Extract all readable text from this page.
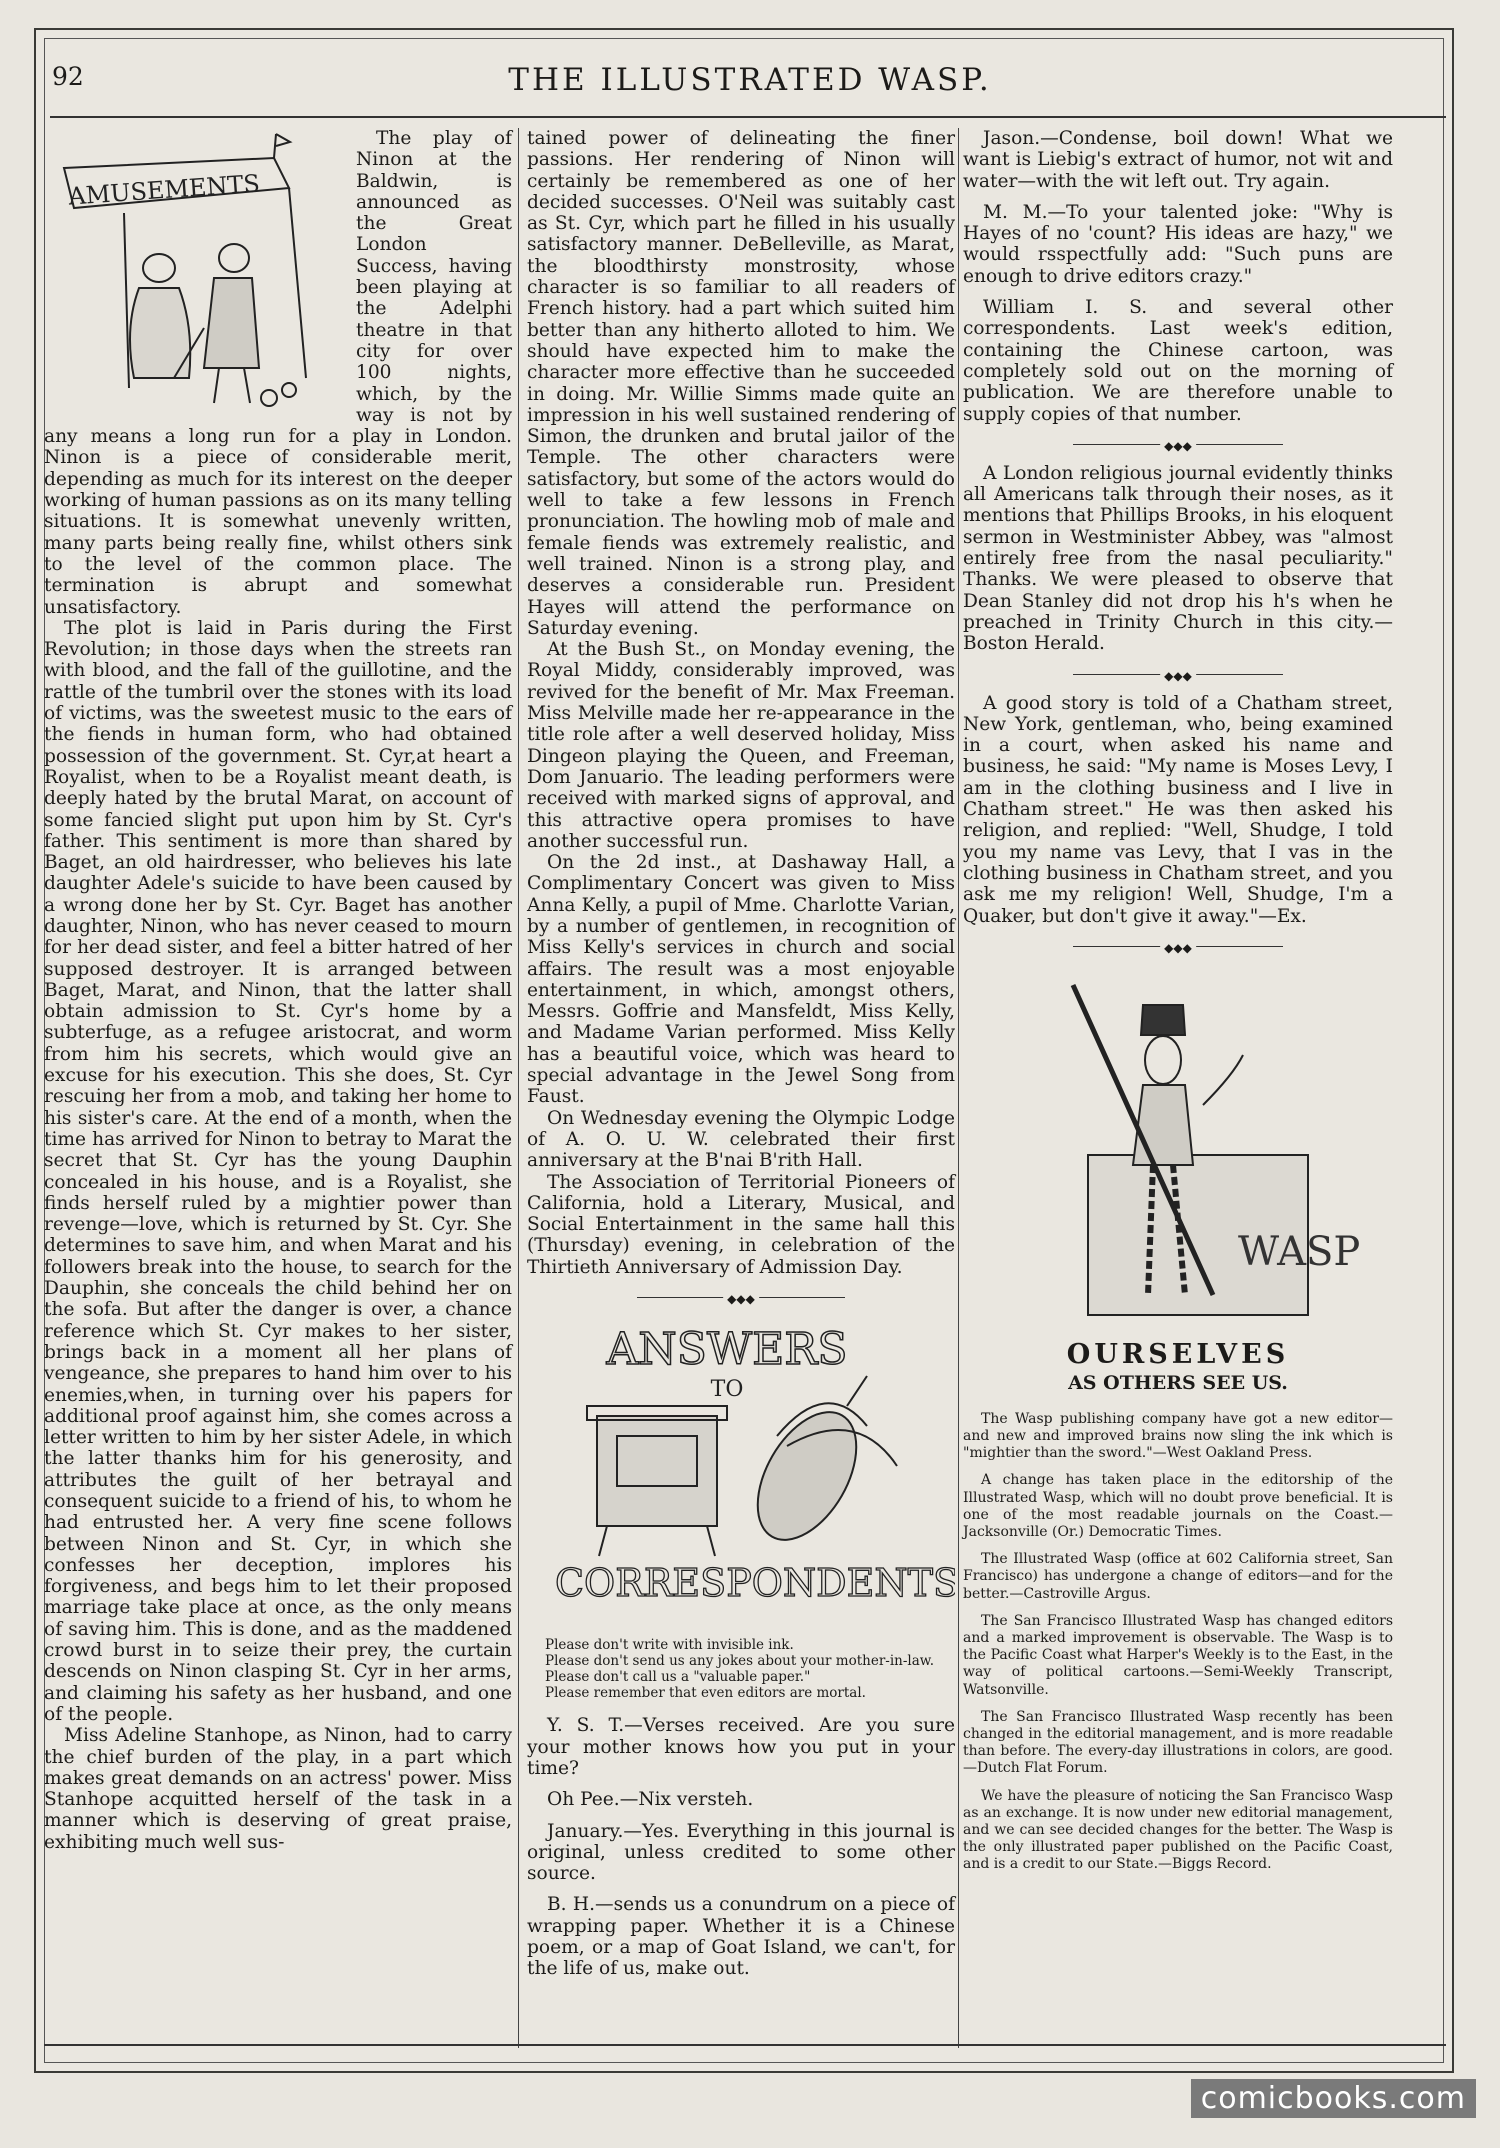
92	THE ILLUSTRATED WASP.
AMUSEMENTS

The play of Ninon at the Baldwin, is announced as the Great London Success, having been playing at the Adelphi theatre in that city for over 100 nights, which, by the way is not by any means a long run for a play in London. Ninon is a piece of considerable merit, depending as much for its interest on the deeper working of human passions as on its many telling situations. It is somewhat unevenly written, many parts being really fine, whilst others sink to the level of the common place. The termination is abrupt and somewhat unsatisfactory.

The plot is laid in Paris during the First Revolution; in those days when the streets ran with blood, and the fall of the guillotine, and the rattle of the tumbril over the stones with its load of victims, was the sweetest music to the ears of the fiends in human form, who had obtained possession of the government. St. Cyr,at heart a Royalist, when to be a Royalist meant death, is deeply hated by the brutal Marat, on account of some fancied slight put upon him by St. Cyr's father. This sentiment is more than shared by Baget, an old hairdresser, who believes his late daughter Adele's suicide to have been caused by a wrong done her by St. Cyr. Baget has another daughter, Ninon, who has never ceased to mourn for her dead sister, and feel a bitter hatred of her supposed destroyer. It is arranged between Baget, Marat, and Ninon, that the latter shall obtain admission to St. Cyr's home by a subterfuge, as a refugee aristocrat, and worm from him his secrets, which would give an excuse for his execution. This she does, St. Cyr rescuing her from a mob, and taking her home to his sister's care. At the end of a month, when the time has arrived for Ninon to betray to Marat the secret that St. Cyr has the young Dauphin concealed in his house, and is a Royalist, she finds herself ruled by a mightier power than revenge—love, which is returned by St. Cyr. She determines to save him, and when Marat and his followers break into the house, to search for the Dauphin, she conceals the child behind her on the sofa. But after the danger is over, a chance reference which St. Cyr makes to her sister, brings back in a moment all her plans of vengeance, she prepares to hand him over to his enemies,when, in turning over his papers for additional proof against him, she comes across a letter written to him by her sister Adele, in which the latter thanks him for his generosity, and attributes the guilt of her betrayal and consequent suicide to a friend of his, to whom he had entrusted her. A very fine scene follows between Ninon and St. Cyr, in which she confesses her deception, implores his forgiveness, and begs him to let their proposed marriage take place at once, as the only means of saving him. This is done, and as the maddened crowd burst in to seize their prey, the curtain descends on Ninon clasping St. Cyr in her arms, and claiming his safety as her husband, and one of the people.

Miss Adeline Stanhope, as Ninon, had to carry the chief burden of the play, in a part which makes great demands on an actress' power. Miss Stanhope acquitted herself of the task in a manner which is deserving of great praise, exhibiting much well sus-

tained power of delineating the finer passions. Her rendering of Ninon will certainly be remembered as one of her decided successes. O'Neil was suitably cast as St. Cyr, which part he filled in his usually satisfactory manner. DeBelleville, as Marat, the bloodthirsty monstrosity, whose character is so familiar to all readers of French history. had a part which suited him better than any hitherto alloted to him. We should have expected him to make the character more effective than he succeeded in doing. Mr. Willie Simms made quite an impression in his well sustained rendering of Simon, the drunken and brutal jailor of the Temple. The other characters were satisfactory, but some of the actors would do well to take a few lessons in French pronunciation. The howling mob of male and female fiends was extremely realistic, and well trained. Ninon is a strong play, and deserves a considerable run. President Hayes will attend the performance on Saturday evening.

At the Bush St., on Monday evening, the Royal Middy, considerably improved, was revived for the benefit of Mr. Max Freeman. Miss Melville made her re-appearance in the title role after a well deserved holiday, Miss Dingeon playing the Queen, and Freeman, Dom Januario. The leading performers were received with marked signs of approval, and this attractive opera promises to have another successful run.

On the 2d inst., at Dashaway Hall, a Complimentary Concert was given to Miss Anna Kelly, a pupil of Mme. Charlotte Varian, by a number of gentlemen, in recognition of Miss Kelly's services in church and social affairs. The result was a most enjoyable entertainment, in which, amongst others, Messrs. Goffrie and Mansfeldt, Miss Kelly, and Madame Varian performed. Miss Kelly has a beautiful voice, which was heard to special advantage in the Jewel Song from Faust.

On Wednesday evening the Olympic Lodge of A. O. U. W. celebrated their first anniversary at the B'nai B'rith Hall.

The Association of Territorial Pioneers of California, hold a Literary, Musical, and Social Entertainment in the same hall this (Thursday) evening, in celebration of the Thirtieth Anniversary of Admission Day.

◆◆◆
ANSWERS
TO
CORRESPONDENTS
Please don't write with invisible ink.
Please don't send us any jokes about your mother-in-law.
Please don't call us a "valuable paper."
Please remember that even editors are mortal.

Y. S. T.—Verses received. Are you sure your mother knows how you put in your time?

Oh Pee.—Nix versteh.

January.—Yes. Everything in this journal is original, unless credited to some other source.

B. H.—sends us a conundrum on a piece of wrapping paper. Whether it is a Chinese poem, or a map of Goat Island, we can't, for the life of us, make out.

Jason.—Condense, boil down! What we want is Liebig's extract of humor, not wit and water—with the wit left out. Try again.

M. M.—To your talented joke: "Why is Hayes of no 'count? His ideas are hazy," we would rsspectfully add: "Such puns are enough to drive editors crazy."

William I. S. and several other correspondents. Last week's edition, containing the Chinese cartoon, was completely sold out on the morning of publication. We are therefore unable to supply copies of that number.

◆◆◆

A London religious journal evidently thinks all Americans talk through their noses, as it mentions that Phillips Brooks, in his eloquent sermon in Westminister Abbey, was "almost entirely free from the nasal peculiarity." Thanks. We were pleased to observe that Dean Stanley did not drop his h's when he preached in Trinity Church in this city.—Boston Herald.

◆◆◆

A good story is told of a Chatham street, New York, gentleman, who, being examined in a court, when asked his name and business, he said: "My name is Moses Levy, I am in the clothing business and I live in Chatham street." He was then asked his religion, and replied: "Well, Shudge, I told you my name vas Levy, that I vas in the clothing business in Chatham street, and you ask me my religion! Well, Shudge, I'm a Quaker, but don't give it away."—Ex.

◆◆◆
WASP
OURSELVES
AS OTHERS SEE US.

The Wasp publishing company have got a new editor—and new and improved brains now sling the ink which is "mightier than the sword."—West Oakland Press.

A change has taken place in the editorship of the Illustrated Wasp, which will no doubt prove beneficial. It is one of the most readable journals on the Coast.—Jacksonville (Or.) Democratic Times.

The Illustrated Wasp (office at 602 California street, San Francisco) has undergone a change of editors—and for the better.—Castroville Argus.

The San Francisco Illustrated Wasp has changed editors and a marked improvement is observable. The Wasp is to the Pacific Coast what Harper's Weekly is to the East, in the way of political cartoons.—Semi-Weekly Transcript, Watsonville.

The San Francisco Illustrated Wasp recently has been changed in the editorial management, and is more readable than before. The every-day illustrations in colors, are good.—Dutch Flat Forum.

We have the pleasure of noticing the San Francisco Wasp as an exchange. It is now under new editorial management, and we can see decided changes for the better. The Wasp is the only illustrated paper published on the Pacific Coast, and is a credit to our State.—Biggs Record.

comicbooks.com
